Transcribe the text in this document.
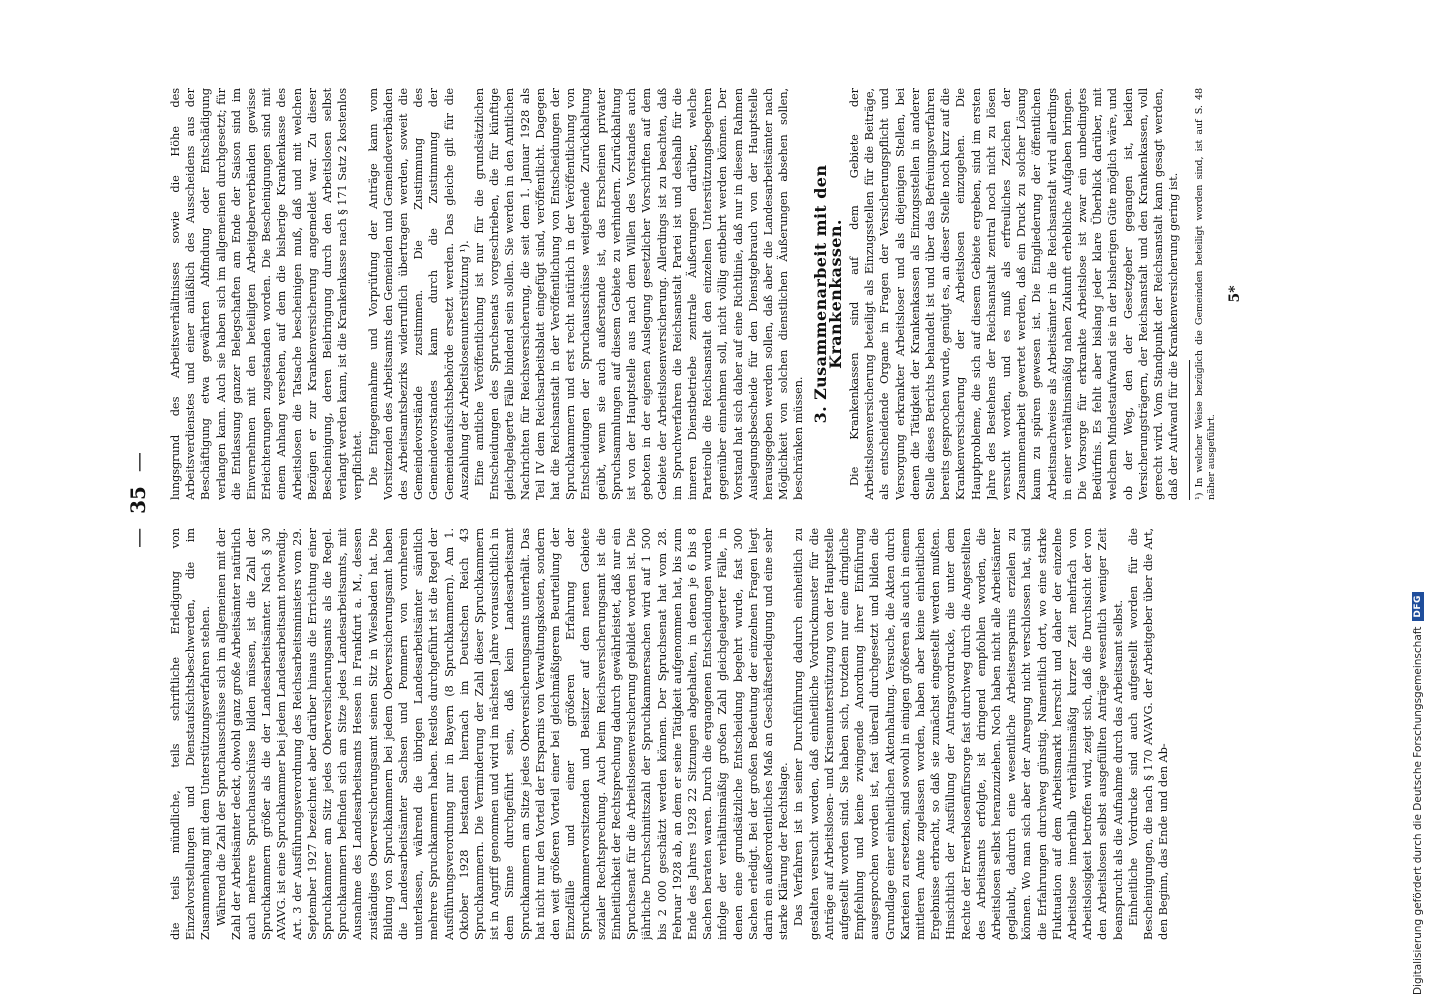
—
35
—

die teils mündliche, teils schriftliche Erledigung von Einzelvorstellungen und Dienstaufsichtsbeschwerden, die im Zusammenhang mit dem Unterstützungsverfahren stehen. Während die Zahl der Spruchausschüsse sich im allgemeinen mit der Zahl der Arbeitsämter deckt, obwohl ganz große Arbeitsämter natürlich auch mehrere Spruchausschüsse bilden müssen, ist die Zahl der Spruchkammern größer als die der Landesarbeitsämter. Nach § 30 AVAVG. ist eine Spruchkammer bei jedem Landesarbeitsamt notwendig. Art. 3 der Ausführungsverordnung des Reichsarbeitsministers vom 29. September 1927 bezeichnet aber darüber hinaus die Errichtung einer Spruchkammer am Sitz jedes Oberversicherungsamts als die Regel. Spruchkammern befinden sich am Sitze jedes Landesarbeitsamts, mit Ausnahme des Landesarbeitsamts Hessen in Frankfurt a. M., dessen zuständiges Oberversicherungsamt seinen Sitz in Wiesbaden hat. Die Bildung von Spruchkammern bei jedem Oberversicherungsamt haben die Landesarbeitsämter Sachsen und Pommern von vornherein unterlassen, während die übrigen Landesarbeitsämter sämtlich mehrere Spruchkammern haben. Restlos durchgeführt ist die Regel der Ausführungsverordnung nur in Bayern (8 Spruchkammern). Am 1. Oktober 1928 bestanden hiernach im Deutschen Reich 43 Spruchkammern. Die Verminderung der Zahl dieser Spruchkammern ist in Angriff genommen und wird im nächsten Jahre voraussichtlich in dem Sinne durchgeführt sein, daß kein Landesarbeitsamt Spruchkammern am Sitze jedes Oberversicherungsamts unterhält. Das hat nicht nur den Vorteil der Ersparnis von Verwaltungskosten, sondern den weit größeren Vorteil einer bei gleichmäßigerem Beurteilung der Einzelfälle und einer größeren Erfahrung der Spruchkammervorsitzenden und Beisitzer auf dem neuen Gebiete sozialer Rechtsprechung. Auch beim Reichsversicherungsamt ist die Einheitlichkeit der Rechtsprechung dadurch gewährleistet, daß nur ein Spruchsenat für die Arbeitslosenversicherung gebildet worden ist. Die jährliche Durchschnittszahl der Spruchkammersachen wird auf 1 500 bis 2 000 geschätzt werden können. Der Spruchsenat hat vom 28. Februar 1928 ab, an dem er seine Tätigkeit aufgenommen hat, bis zum Ende des Jahres 1928 22 Sitzungen abgehalten, in denen je 6 bis 8 Sachen beraten waren. Durch die ergangenen Entscheidungen wurden infolge der verhältnismäßig großen Zahl gleichgelagerter Fälle, in denen eine grundsätzliche Entscheidung begehrt wurde, fast 300 Sachen erledigt. Bei der großen Bedeutung der einzelnen Fragen liegt darin ein außerordentliches Maß an Geschäftserledigung und eine sehr starke Klärung der Rechtslage. Das Verfahren ist in seiner Durchführung dadurch einheitlich zu gestalten versucht worden, daß einheitliche Vordruckmuster für die Anträge auf Arbeitslosen- und Krisenunterstützung von der Hauptstelle aufgestellt worden sind. Sie haben sich, trotzdem nur eine dringliche Empfehlung und keine zwingende Anordnung ihrer Einführung ausgesprochen worden ist, fast überall durchgesetzt und bilden die Grundlage einer einheitlichen Aktenhaltung. Versuche, die Akten durch Karteien zu ersetzen, sind sowohl in einigen größeren als auch in einem mittleren Amte zugelassen worden, haben aber keine einheitlichen Ergebnisse erbracht, so daß sie zunächst eingestellt werden mußten. Hinsichtlich der Ausfüllung der Antragsvordrucke, die unter dem Rechte der Erwerbslosenfürsorge fast durchweg durch die Angestellten des Arbeitsamts erfolgte, ist dringend empfohlen worden, die Arbeitslosen selbst heranzuziehen. Noch haben nicht alle Arbeitsämter geglaubt, dadurch eine wesentliche Arbeitsersparnis erzielen zu können. Wo man sich aber der Anregung nicht verschlossen hat, sind die Erfahrungen durchweg günstig. Namentlich dort, wo eine starke Fluktuation auf dem Arbeitsmarkt herrscht und daher der einzelne Arbeitslose innerhalb verhältnismäßig kurzer Zeit mehrfach von Arbeitslosigkeit betroffen wird, zeigt sich, daß die Durchsicht der von den Arbeitslosen selbst ausgefüllten Anträge wesentlich weniger Zeit beansprucht als die Aufnahme durch das Arbeitsamt selbst. Einheitliche Vordrucke sind auch aufgestellt worden für die Bescheinigungen, die nach § 170 AVAVG. der Arbeitgeber über die Art, den Beginn, das Ende und den Ab-

lungsgrund des Arbeitsverhältnisses sowie die Höhe des Arbeitsverdienstes und einer anläßlich des Ausscheidens aus der Beschäftigung etwa gewährten Abfindung oder Entschädigung verlangen kann. Auch sie haben sich im allgemeinen durchgesetzt; für die Entlassung ganzer Belegschaften am Ende der Saison sind im Einvernehmen mit den beteiligten Arbeitgeberverbänden gewisse Erleichterungen zugestanden worden. Die Bescheinigungen sind mit einem Anhang versehen, auf dem die bisherige Krankenkasse des Arbeitslosen die Tatsache bescheinigen muß, daß und mit welchen Bezügen er zur Krankenversicherung angemeldet war. Zu dieser Bescheinigung, deren Beibringung durch den Arbeitslosen selbst verlangt werden kann, ist die Krankenkasse nach § 171 Satz 2 kostenlos verpflichtet. Die Entgegennahme und Vorprüfung der Anträge kann vom Vorsitzenden des Arbeitsamts den Gemeinden und Gemeindeverbänden des Arbeitsamtsbezirks widerruflich übertragen werden, soweit die Gemeindevorstände zustimmen. Die Zustimmung des Gemeindevorstandes kann durch die Zustimmung der Gemeindeaufsichtsbehörde ersetzt werden. Das gleiche gilt für die Auszahlung der Arbeitslosenunterstützung ¹). Eine amtliche Veröffentlichung ist nur für die grundsätzlichen Entscheidungen des Spruchsenats vorgeschrieben, die für künftige gleichgelagerte Fälle bindend sein sollen. Sie werden in den Amtlichen Nachrichten für Reichsversicherung, die seit dem 1. Januar 1928 als Teil IV dem Reichsarbeitsblatt eingefügt sind, veröffentlicht. Dagegen hat die Reichsanstalt in der Veröffentlichung von Entscheidungen der Spruchkammern und erst recht natürlich in der Veröffentlichung von Entscheidungen der Spruchausschüsse weitgehende Zurückhaltung geübt, wenn sie auch außerstande ist, das Erscheinen privater Spruchsammlungen auf diesem Gebiete zu verhindern. Zurückhaltung ist von der Hauptstelle aus nach dem Willen des Vorstandes auch geboten in der eigenen Auslegung gesetzlicher Vorschriften auf dem Gebiete der Arbeitslosenversicherung. Allerdings ist zu beachten, daß im Spruchverfahren die Reichsanstalt Partei ist und deshalb für die inneren Dienstbetriebe zentrale Äußerungen darüber, welche Parteirolle die Reichsanstalt den einzelnen Unterstützungsbegehren gegenüber einnehmen soll, nicht völlig entbehrt werden können. Der Vorstand hat sich daher auf eine Richtlinie, daß nur in diesem Rahmen Auslegungsbescheide für den Dienstgebrauch von der Hauptstelle herausgegeben werden sollen, daß aber die Landesarbeitsämter nach Möglichkeit von solchen dienstlichen Äußerungen absehen sollen, beschränken müssen.

3. Zusammenarbeit mit den Krankenkassen. Die Krankenkassen sind auf dem Gebiete der Arbeitslosenversicherung beteiligt als Einzugsstellen für die Beiträge, als entscheidende Organe in Fragen der Versicherungspflicht und Versorgung erkrankter Arbeitsloser und als diejenigen Stellen, bei denen die Tätigkeit der Krankenkassen als Einzugsstellen in anderer Stelle dieses Berichts behandelt ist und über das Befreiungsverfahren bereits gesprochen wurde, genügt es, an dieser Stelle noch kurz auf die Krankenversicherung der Arbeitslosen einzugehen. Die Hauptprobleme, die sich auf diesem Gebiete ergeben, sind im ersten Jahre des Bestehens der Reichsanstalt zentral noch nicht zu lösen versucht worden, und es muß als erfreuliches Zeichen der Zusammenarbeit gewertet werden, daß ein Druck zu solcher Lösung kaum zu spüren gewesen ist. Die Eingliederung der öffentlichen Arbeitsnachweise als Arbeitsämter in die Reichsanstalt wird allerdings in einer verhältnismäßig nahen Zukunft erhebliche Aufgaben bringen. Die Vorsorge für erkrankte Arbeitslose ist zwar ein unbedingtes Bedürfnis. Es fehlt aber bislang jeder klare Überblick darüber, mit welchem Mindestaufwand sie in der bisherigen Güte möglich wäre, und ob der Weg, den der Gesetzgeber gegangen ist, beiden Versicherungsträgern, der Reichsanstalt und den Krankenkassen, voll gerecht wird. Vom Standpunkt der Reichsanstalt kann gesagt werden, daß der Aufwand für die Krankenversicherung gering ist. ¹) In welcher Weise bezüglich die Gemeinden beteiligt worden sind, ist auf S. 48 näher ausgeführt.
5*
Digitalisierung gefördert durch die Deutsche Forschungsgemeinschaft
DFG
